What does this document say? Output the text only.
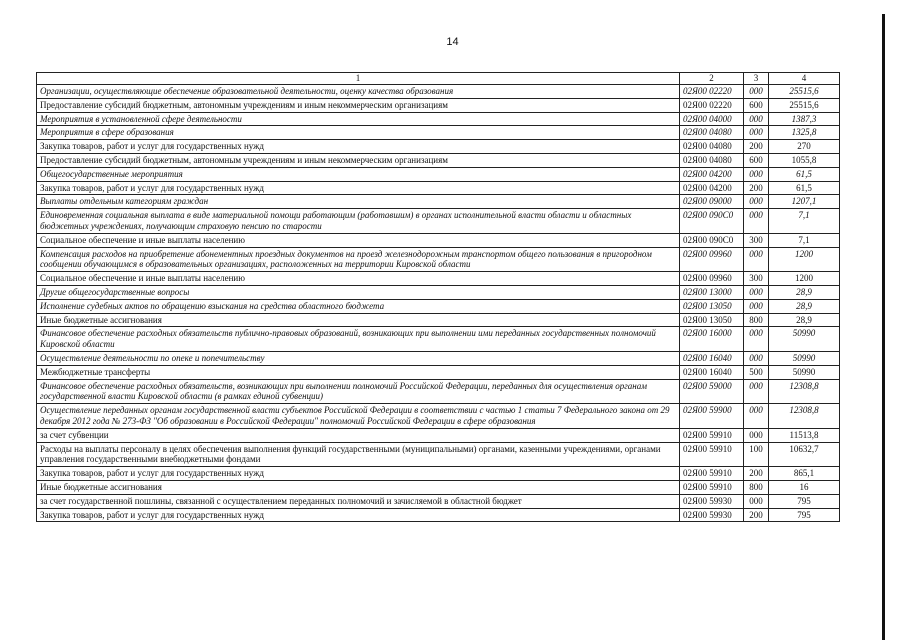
14
1	2	3	4
Организации, осуществляющие обеспечение образовательной деятельности, оценку качества образования	02Я00 02220	000	25515,6
Предоставление субсидий бюджетным, автономным учреждениям и иным некоммерческим организациям	02Я00 02220	600	25515,6
Мероприятия в установленной сфере деятельности	02Я00 04000	000	1387,3
Мероприятия в сфере образования	02Я00 04080	000	1325,8
Закупка товаров, работ и услуг для государственных нужд	02Я00 04080	200	270
Предоставление субсидий бюджетным, автономным учреждениям и иным некоммерческим организациям	02Я00 04080	600	1055,8
Общегосударственные мероприятия	02Я00 04200	000	61,5
Закупка товаров, работ и услуг для государственных нужд	02Я00 04200	200	61,5
Выплаты отдельным категориям граждан	02Я00 09000	000	1207,1
Единовременная социальная выплата в виде материальной помощи работающим (работавшим) в органах исполнительной власти области и областных бюджетных учреждениях, получающим страховую пенсию по старости	02Я00 090С0	000	7,1
Социальное обеспечение и иные выплаты населению	02Я00 090С0	300	7,1
Компенсация расходов на приобретение абонементных проездных документов на проезд железнодорожным транспортом общего пользования в пригородном сообщении обучающимся в образовательных организациях, расположенных на территории Кировской области	02Я00 09960	000	1200
Социальное обеспечение и иные выплаты населению	02Я00 09960	300	1200
Другие общегосударственные вопросы	02Я00 13000	000	28,9
Исполнение судебных актов по обращению взыскания на средства областного бюджета	02Я00 13050	000	28,9
Иные бюджетные ассигнования	02Я00 13050	800	28,9
Финансовое обеспечение расходных обязательств публично-правовых образований, возникающих при выполнении ими переданных государственных полномочий Кировской области	02Я00 16000	000	50990
Осуществление деятельности по опеке и попечительству	02Я00 16040	000	50990
Межбюджетные трансферты	02Я00 16040	500	50990
Финансовое обеспечение расходных обязательств, возникающих при выполнении полномочий Российской Федерации, переданных для осуществления органам государственной власти Кировской области (в рамках единой субвенции)	02Я00 59000	000	12308,8
Осуществление переданных органам государственной власти субъектов Российской Федерации в соответствии с частью 1 статьи 7 Федерального закона от 29 декабря 2012 года № 273-ФЗ "Об образовании в Российской Федерации" полномочий Российской Федерации в сфере образования	02Я00 59900	000	12308,8
за счет субвенции	02Я00 59910	000	11513,8
Расходы на выплаты персоналу в целях обеспечения выполнения функций государственными (муниципальными) органами, казенными учреждениями, органами управления государственными внебюджетными фондами	02Я00 59910	100	10632,7
Закупка товаров, работ и услуг для государственных нужд	02Я00 59910	200	865,1
Иные бюджетные ассигнования	02Я00 59910	800	16
за счет государственной пошлины, связанной с осуществлением переданных полномочий и зачисляемой в областной бюджет	02Я00 59930	000	795
Закупка товаров, работ и услуг для государственных нужд	02Я00 59930	200	795
